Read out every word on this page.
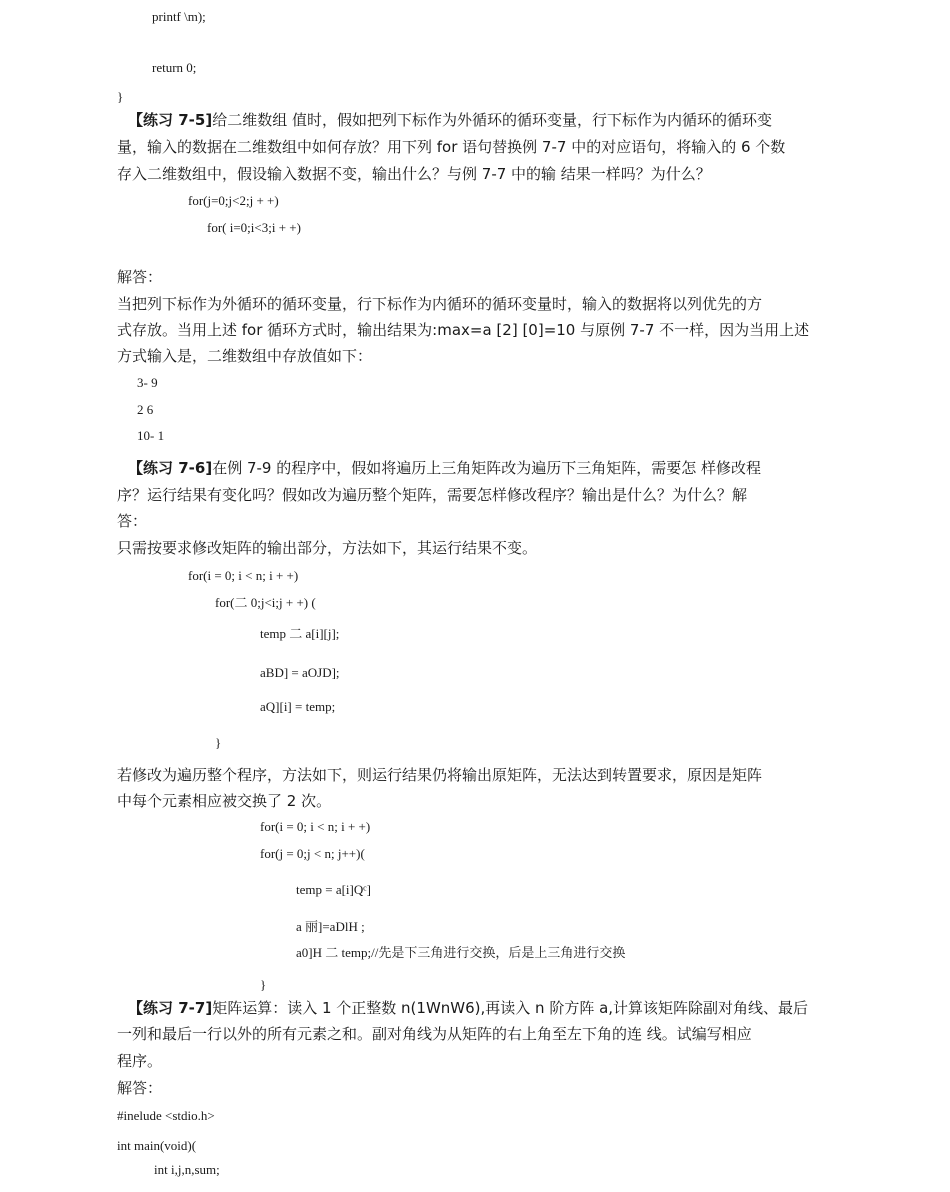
printf \m);
return 0;
}
【练习 7-5]给二维数组 值时，假如把列下标作为外循环的循环变量，行下标作为内循环的循环变
量，输入的数据在二维数组中如何存放？用下列 for 语句替换例 7-7 中的对应语句，将输入的 6 个数
存入二维数组中，假设输入数据不变，输出什么？与例 7-7 中的输 结果一样吗？为什么？
for(j=0;j<2;j + +)
for( i=0;i<3;i + +)
解答：
当把列下标作为外循环的循环变量，行下标作为内循环的循环变量时，输入的数据将以列优先的方
式存放。当用上述 for 循环方式时，输出结果为:max=a [2] [0]=10 与原例 7-7 不一样，因为当用上述
方式输入是，二维数组中存放值如下：
3- 9
2 6
10- 1
【练习 7-6]在例 7-9 的程序中，假如将遍历上三角矩阵改为遍历下三角矩阵，需要怎 样修改程
序？运行结果有变化吗？假如改为遍历整个矩阵，需要怎样修改程序？输出是什么？为什么？解
答：
只需按要求修改矩阵的输出部分，方法如下，其运行结果不变。
for(i = 0; i < n; i + +)
for(二 0;j<i;j + +) (
temp 二 a[i][j];
aBD] = aOJD];
aQ][i] = temp;
}
若修改为遍历整个程序，方法如下，则运行结果仍将输出原矩阵，无法达到转置要求，原因是矩阵
中每个元素相应被交换了 2 次。
for(i = 0; i < n; i + +)
for(j = 0;j < n; j++)(
temp = a[i]Qᶜ]
a 丽]=aDlH ;
a0]H 二 temp;//先是下三角进行交换，后是上三角进行交换
}
【练习 7-7]矩阵运算：读入 1 个正整数 n(1WnW6),再读入 n 阶方阵 a,计算该矩阵除副对角线、最后
一列和最后一行以外的所有元素之和。副对角线为从矩阵的右上角至左下角的连 线。试编写相应
程序。
解答：
#inelude <stdio.h>
int main(void)(
int i,j,n,sum;
